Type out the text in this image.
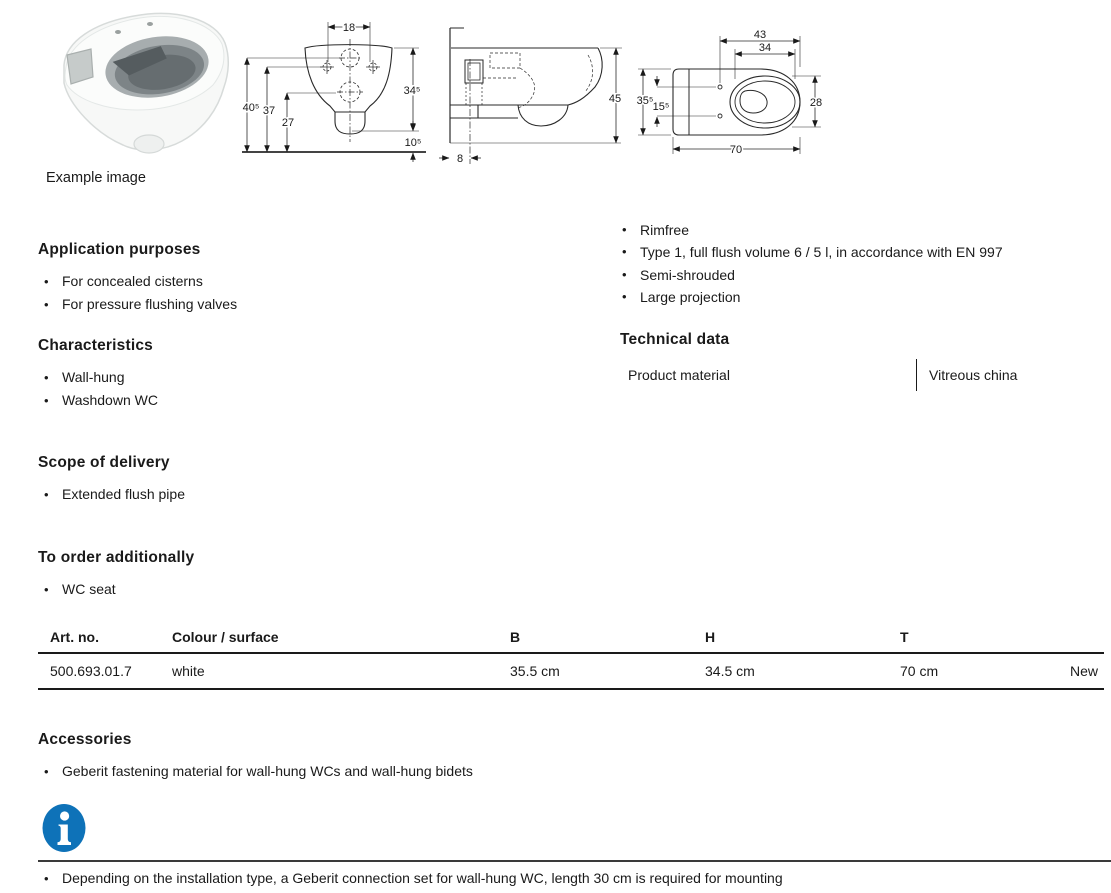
Example image
18
40⁵ 37
27
34⁵
10⁵
45
8
43
34
35⁵ 15⁵	28
70
Application purposes
• For concealed cisterns
• For pressure flushing valves
Characteristics
• Wall-hung
• Washdown WC
• Rimfree
• Type 1, full flush volume 6 / 5 l, in accordance with EN 997
• Semi-shrouded
• Large projection
Technical data
Product material	Vitreous china
Scope of delivery
• Extended flush pipe
To order additionally
• WC seat
Art. no.	Colour / surface	B	H	T
500.693.01.7	white	35.5 cm	34.5 cm	70 cm	New
Accessories
• Geberit fastening material for wall-hung WCs and wall-hung bidets
• Depending on the installation type, a Geberit connection set for wall-hung WC, length 30 cm is required for mounting
